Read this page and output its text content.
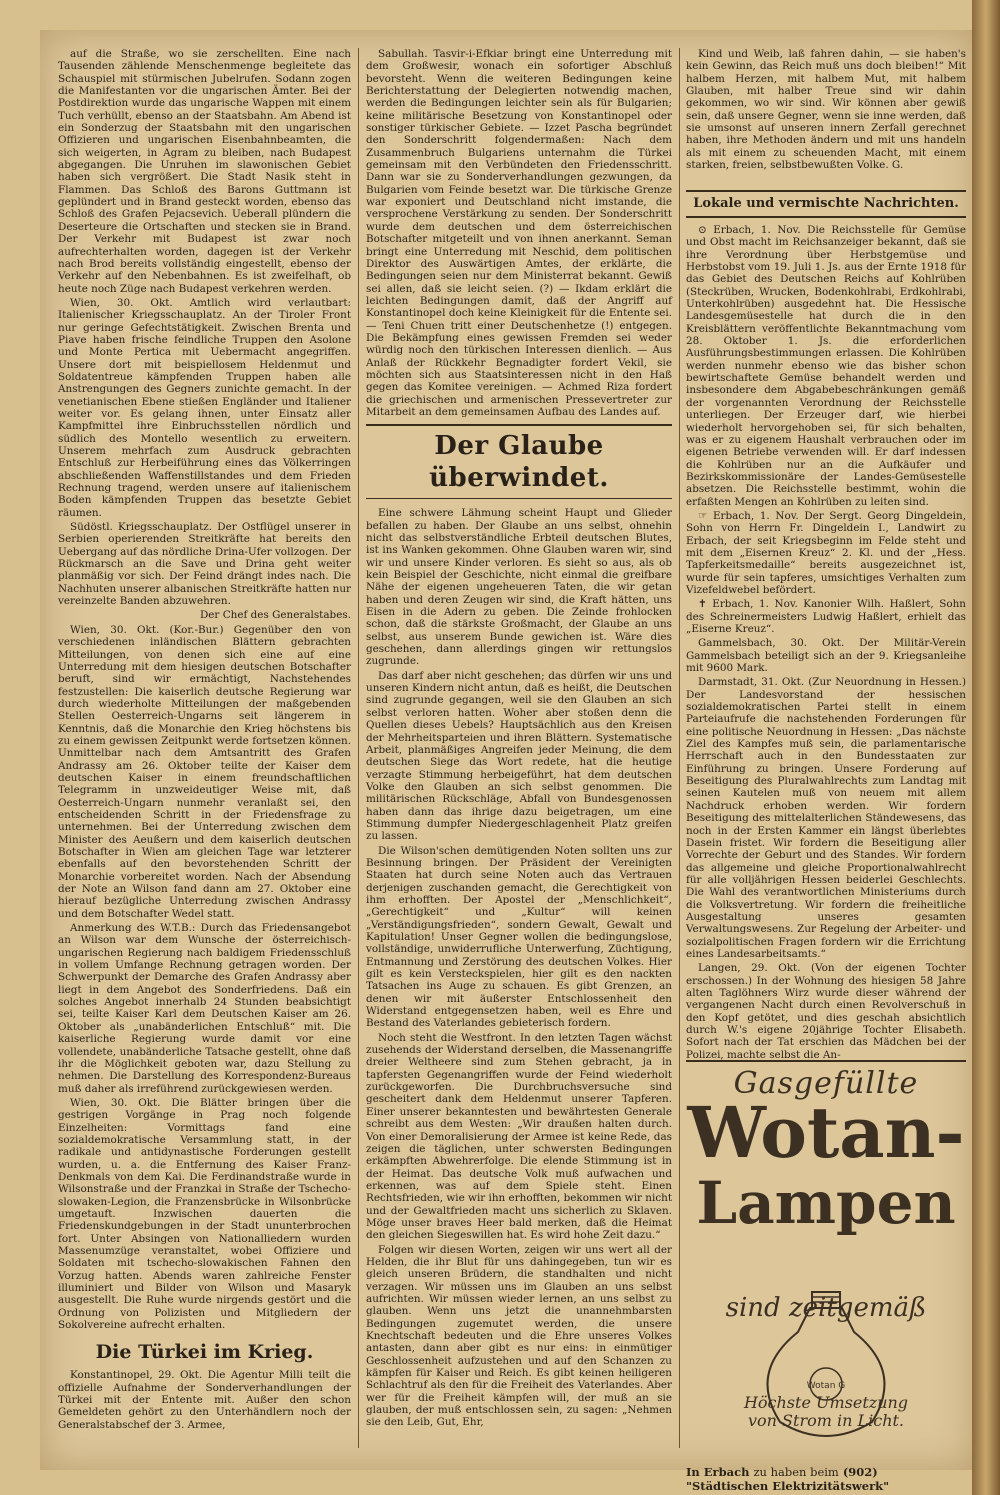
auf die Straße, wo sie zerschellten. Eine nach Tausenden zählende Menschenmenge begleitete das Schauspiel mit stürmischen Jubelrufen. Sodann zogen die Manifestanten vor die ungarischen Ämter. Bei der Postdirektion wurde das ungarische Wappen mit einem Tuch verhüllt, ebenso an der Staatsbahn. Am Abend ist ein Sonderzug der Staatsbahn mit den ungarischen Offizieren und ungarischen Eisenbahnbeamten, die sich weigerten, in Agram zu bleiben, nach Budapest abgegangen. Die Unruhen im slawonischen Gebiet haben sich vergrößert. Die Stadt Nasik steht in Flammen. Das Schloß des Barons Guttmann ist geplündert und in Brand gesteckt worden, ebenso das Schloß des Grafen Pejacsevich. Ueberall plündern die Deserteure die Ortschaften und stecken sie in Brand. Der Verkehr mit Budapest ist zwar noch aufrechterhalten worden, dagegen ist der Verkehr nach Brod bereits vollständig eingestellt, ebenso der Verkehr auf den Nebenbahnen. Es ist zweifelhaft, ob heute noch Züge nach Budapest verkehren werden.

Wien, 30. Okt. Amtlich wird verlautbart: Italienischer Kriegsschauplatz. An der Tiroler Front nur geringe Gefechtstätigkeit. Zwischen Brenta und Piave haben frische feindliche Truppen den Asolone und Monte Pertica mit Uebermacht angegriffen. Unsere dort mit beispiellosem Heldenmut und Soldatentreue kämpfenden Truppen haben alle Anstrengungen des Gegners zunichte gemacht. In der venetianischen Ebene stießen Engländer und Italiener weiter vor. Es gelang ihnen, unter Einsatz aller Kampfmittel ihre Einbruchsstellen nördlich und südlich des Montello wesentlich zu erweitern. Unserem mehrfach zum Ausdruck gebrachten Entschluß zur Herbeiführung eines das Völkerringen abschließenden Waffenstillstandes und dem Frieden Rechnung tragend, werden unsere auf italienischem Boden kämpfenden Truppen das besetzte Gebiet räumen.

Südöstl. Kriegsschauplatz. Der Ostflügel unserer in Serbien operierenden Streitkräfte hat bereits den Uebergang auf das nördliche Drina-Ufer vollzogen. Der Rückmarsch an die Save und Drina geht weiter planmäßig vor sich. Der Feind drängt indes nach. Die Nachhuten unserer albanischen Streitkräfte hatten nur vereinzelte Banden abzuwehren.

Der Chef des Generalstabes.

Wien, 30. Okt. (Kor.-Bur.) Gegenüber den von verschiedenen inländischen Blättern gebrachten Mitteilungen, von denen sich eine auf eine Unterredung mit dem hiesigen deutschen Botschafter beruft, sind wir ermächtigt, Nachstehendes festzustellen: Die kaiserlich deutsche Regierung war durch wiederholte Mitteilungen der maßgebenden Stellen Oesterreich-Ungarns seit längerem in Kenntnis, daß die Monarchie den Krieg höchstens bis zu einem gewissen Zeitpunkt werde fortsetzen können. Unmittelbar nach dem Amtsantritt des Grafen Andrassy am 26. Oktober teilte der Kaiser dem deutschen Kaiser in einem freundschaftlichen Telegramm in unzweideutiger Weise mit, daß Oesterreich-Ungarn nunmehr veranlaßt sei, den entscheidenden Schritt in der Friedensfrage zu unternehmen. Bei der Unterredung zwischen dem Minister des Aeußern und dem kaiserlich deutschen Botschafter in Wien am gleichen Tage war letzterer ebenfalls auf den bevorstehenden Schritt der Monarchie vorbereitet worden. Nach der Absendung der Note an Wilson fand dann am 27. Oktober eine hierauf bezügliche Unterredung zwischen Andrassy und dem Botschafter Wedel statt.

Anmerkung des W.T.B.: Durch das Friedensangebot an Wilson war dem Wunsche der österreichisch-ungarischen Regierung nach baldigem Friedensschluß in vollem Umfange Rechnung getragen worden. Der Schwerpunkt der Demarche des Grafen Andrassy aber liegt in dem Angebot des Sonderfriedens. Daß ein solches Angebot innerhalb 24 Stunden beabsichtigt sei, teilte Kaiser Karl dem Deutschen Kaiser am 26. Oktober als „unabänderlichen Entschluß“ mit. Die kaiserliche Regierung wurde damit vor eine vollendete, unabänderliche Tatsache gestellt, ohne daß ihr die Möglichkeit geboten war, dazu Stellung zu nehmen. Die Darstellung des Korrespondenz-Bureaus muß daher als irreführend zurückgewiesen werden.

Wien, 30. Okt. Die Blätter bringen über die gestrigen Vorgänge in Prag noch folgende Einzelheiten: Vormittags fand eine sozialdemokratische Versammlung statt, in der radikale und antidynastische Forderungen gestellt wurden, u. a. die Entfernung des Kaiser Franz-Denkmals von dem Kai. Die Ferdinandstraße wurde in Wilsonstraße und der Franzkai in Straße der Tschecho-slowaken-Legion, die Franzensbrücke in Wilsonbrücke umgetauft. Inzwischen dauerten die Friedenskundgebungen in der Stadt ununterbrochen fort. Unter Absingen von Nationalliedern wurden Massenumzüge veranstaltet, wobei Offiziere und Soldaten mit tschecho-slowakischen Fahnen den Vorzug hatten. Abends waren zahlreiche Fenster illuminiert und Bilder von Wilson und Masaryk ausgestellt. Die Ruhe wurde nirgends gestört und die Ordnung von Polizisten und Mitgliedern der Sokolvereine aufrecht erhalten.

Die Türkei im Krieg.

Konstantinopel, 29. Okt. Die Agentur Milli teilt die offizielle Aufnahme der Sonderverhandlungen der Türkei mit der Entente mit. Außer den schon Gemeldeten gehört zu den Unterhändlern noch der Generalstabschef der 3. Armee,

Sabullah. Tasvir-i-Efkiar bringt eine Unterredung mit dem Großwesir, wonach ein sofortiger Abschluß bevorsteht. Wenn die weiteren Bedingungen keine Berichterstattung der Delegierten notwendig machen, werden die Bedingungen leichter sein als für Bulgarien; keine militärische Besetzung von Konstantinopel oder sonstiger türkischer Gebiete. — Izzet Pascha begründet den Sonderschritt folgendermaßen: Nach dem Zusammenbruch Bulgariens unternahm die Türkei gemeinsam mit den Verbündeten den Friedensschritt. Dann war sie zu Sonderverhandlungen gezwungen, da Bulgarien vom Feinde besetzt war. Die türkische Grenze war exponiert und Deutschland nicht imstande, die versprochene Verstärkung zu senden. Der Sonderschritt wurde dem deutschen und dem österreichischen Botschafter mitgeteilt und von ihnen anerkannt. Seman bringt eine Unterredung mit Neschid, dem politischen Direktor des Auswärtigen Amtes, der erklärte, die Bedingungen seien nur dem Ministerrat bekannt. Gewiß sei allen, daß sie leicht seien. (?) — Ikdam erklärt die leichten Bedingungen damit, daß der Angriff auf Konstantinopel doch keine Kleinigkeit für die Entente sei. — Teni Chuen tritt einer Deutschenhetze (!) entgegen. Die Bekämpfung eines gewissen Fremden sei weder würdig noch den türkischen Interessen dienlich. — Aus Anlaß der Rückkehr Begnadigter fordert Vekil, sie möchten sich aus Staatsinteressen nicht in den Haß gegen das Komitee vereinigen. — Achmed Riza fordert die griechischen und armenischen Pressevertreter zur Mitarbeit an dem gemeinsamen Aufbau des Landes auf.

Der Glaube überwindet.

Eine schwere Lähmung scheint Haupt und Glieder befallen zu haben. Der Glaube an uns selbst, ohnehin nicht das selbstverständliche Erbteil deutschen Blutes, ist ins Wanken gekommen. Ohne Glauben waren wir, sind wir und unsere Kinder verloren. Es sieht so aus, als ob kein Beispiel der Geschichte, nicht einmal die greifbare Nähe der eigenen ungeheueren Taten, die wir getan haben und deren Zeugen wir sind, die Kraft hätten, uns Eisen in die Adern zu geben. Die Zeinde frohlocken schon, daß die stärkste Großmacht, der Glaube an uns selbst, aus unserem Bunde gewichen ist. Wäre dies geschehen, dann allerdings gingen wir rettungslos zugrunde.

Das darf aber nicht geschehen; das dürfen wir uns und unseren Kindern nicht antun, daß es heißt, die Deutschen sind zugrunde gegangen, weil sie den Glauben an sich selbst verloren hatten. Woher aber stoßen denn die Quellen dieses Uebels? Hauptsächlich aus den Kreisen der Mehrheitsparteien und ihren Blättern. Systematische Arbeit, planmäßiges Angreifen jeder Meinung, die dem deutschen Siege das Wort redete, hat die heutige verzagte Stimmung herbeigeführt, hat dem deutschen Volke den Glauben an sich selbst genommen. Die militärischen Rückschläge, Abfall von Bundesgenossen haben dann das ihrige dazu beigetragen, um eine Stimmung dumpfer Niedergeschlagenheit Platz greifen zu lassen.

Die Wilson'schen demütigenden Noten sollten uns zur Besinnung bringen. Der Präsident der Vereinigten Staaten hat durch seine Noten auch das Vertrauen derjenigen zuschanden gemacht, die Gerechtigkeit von ihm erhofften. Der Apostel der „Menschlichkeit“, „Gerechtigkeit“ und „Kultur“ will keinen „Verständigungsfrieden“, sondern Gewalt, Gewalt und Kapitulation! Unser Gegner wollen die bedingungslose, vollständige, unwiderrufliche Unterwerfung, Züchtigung, Entmannung und Zerstörung des deutschen Volkes. Hier gilt es kein Versteckspielen, hier gilt es den nackten Tatsachen ins Auge zu schauen. Es gibt Grenzen, an denen wir mit äußerster Entschlossenheit den Widerstand entgegensetzen haben, weil es Ehre und Bestand des Vaterlandes gebieterisch fordern.

Noch steht die Westfront. In den letzten Tagen wächst zusehends der Widerstand derselben, die Massenangriffe dreier Weltheere sind zum Stehen gebracht, ja in tapfersten Gegenangriffen wurde der Feind wiederholt zurückgeworfen. Die Durchbruchsversuche sind gescheitert dank dem Heldenmut unserer Tapferen. Einer unserer bekanntesten und bewährtesten Generale schreibt aus dem Westen: „Wir draußen halten durch. Von einer Demoralisierung der Armee ist keine Rede, das zeigen die täglichen, unter schwersten Bedingungen erkämpften Abwehrerfolge. Die elende Stimmung ist in der Heimat. Das deutsche Volk muß aufwachen und erkennen, was auf dem Spiele steht. Einen Rechtsfrieden, wie wir ihn erhofften, bekommen wir nicht und der Gewaltfrieden macht uns sicherlich zu Sklaven. Möge unser braves Heer bald merken, daß die Heimat den gleichen Siegeswillen hat. Es wird hohe Zeit dazu.“

Folgen wir diesen Worten, zeigen wir uns wert all der Helden, die ihr Blut für uns dahingegeben, tun wir es gleich unseren Brüdern, die standhalten und nicht verzagen. Wir müssen uns im Glauben an uns selbst aufrichten. Wir müssen wieder lernen, an uns selbst zu glauben. Wenn uns jetzt die unannehmbarsten Bedingungen zugemutet werden, die unsere Knechtschaft bedeuten und die Ehre unseres Volkes antasten, dann aber gibt es nur eins: in einmütiger Geschlossenheit aufzustehen und auf den Schanzen zu kämpfen für Kaiser und Reich. Es gibt keinen heiligeren Schlachtruf als den für die Freiheit des Vaterlandes. Aber wer für die Freiheit kämpfen will, der muß an sie glauben, der muß entschlossen sein, zu sagen: „Nehmen sie den Leib, Gut, Ehr,

Kind und Weib, laß fahren dahin, — sie haben's kein Gewinn, das Reich muß uns doch bleiben!“ Mit halbem Herzen, mit halbem Mut, mit halbem Glauben, mit halber Treue sind wir dahin gekommen, wo wir sind. Wir können aber gewiß sein, daß unsere Gegner, wenn sie inne werden, daß sie umsonst auf unseren innern Zerfall gerechnet haben, ihre Methoden ändern und mit uns handeln als mit einem zu scheuenden Macht, mit einem starken, freien, selbstbewußten Volke. G.

Lokale und vermischte Nachrichten.

⊙ Erbach, 1. Nov. Die Reichsstelle für Gemüse und Obst macht im Reichsanzeiger bekannt, daß sie ihre Verordnung über Herbstgemüse und Herbstobst vom 19. Juli 1. Js. aus der Ernte 1918 für das Gebiet des Deutschen Reichs auf Kohlrüben (Steckrüben, Wrucken, Bodenkohlrabi, Erdkohlrabi, Unterkohlrüben) ausgedehnt hat. Die Hessische Landesgemüsestelle hat durch die in den Kreisblättern veröffentlichte Bekanntmachung vom 28. Oktober 1. Js. die erforderlichen Ausführungsbestimmungen erlassen. Die Kohlrüben werden nunmehr ebenso wie das bisher schon bewirtschaftete Gemüse behandelt werden und insbesondere dem Abgabebeschränkungen gemäß der vorgenannten Verordnung der Reichsstelle unterliegen. Der Erzeuger darf, wie hierbei wiederholt hervorgehoben sei, für sich behalten, was er zu eigenem Haushalt verbrauchen oder im eigenen Betriebe verwenden will. Er darf indessen die Kohlrüben nur an die Aufkäufer und Bezirkskommissionäre der Landes-Gemüsestelle absetzen. Die Reichsstelle bestimmt, wohin die erfaßten Mengen an Kohlrüben zu leiten sind.

☞ Erbach, 1. Nov. Der Sergt. Georg Dingeldein, Sohn von Herrn Fr. Dingeldein I., Landwirt zu Erbach, der seit Kriegsbeginn im Felde steht und mit dem „Eisernen Kreuz“ 2. Kl. und der „Hess. Tapferkeitsmedaille“ bereits ausgezeichnet ist, wurde für sein tapferes, umsichtiges Verhalten zum Vizefeldwebel befördert.

✝ Erbach, 1. Nov. Kanonier Wilh. Haßlert, Sohn des Schreinermeisters Ludwig Haßlert, erhielt das „Eiserne Kreuz“.

Gammelsbach, 30. Okt. Der Militär-Verein Gammelsbach beteiligt sich an der 9. Kriegsanleihe mit 9600 Mark.

Darmstadt, 31. Okt. (Zur Neuordnung in Hessen.) Der Landesvorstand der hessischen sozialdemokratischen Partei stellt in einem Parteiaufrufe die nachstehenden Forderungen für eine politische Neuordnung in Hessen: „Das nächste Ziel des Kampfes muß sein, die parlamentarische Herrschaft auch in den Bundesstaaten zur Einführung zu bringen. Unsere Forderung auf Beseitigung des Pluralwahlrechts zum Landtag mit seinen Kautelen muß von neuem mit allem Nachdruck erhoben werden. Wir fordern Beseitigung des mittelalterlichen Ständewesens, das noch in der Ersten Kammer ein längst überlebtes Dasein fristet. Wir fordern die Beseitigung aller Vorrechte der Geburt und des Standes. Wir fordern das allgemeine und gleiche Proportionalwahlrecht für alle volljährigen Hessen beiderlei Geschlechts. Die Wahl des verantwortlichen Ministeriums durch die Volksvertretung. Wir fordern die freiheitliche Ausgestaltung unseres gesamten Verwaltungswesens. Zur Regelung der Arbeiter- und sozialpolitischen Fragen fordern wir die Errichtung eines Landesarbeitsamts.“

Langen, 29. Okt. (Von der eigenen Tochter erschossen.) In der Wohnung des hiesigen 58 Jahre alten Taglöhners Wirz wurde dieser während der vergangenen Nacht durch einen Revolverschuß in den Kopf getötet, und dies geschah absichtlich durch W.'s eigene 20jährige Tochter Elisabeth. Sofort nach der Tat erschien das Mädchen bei der Polizei, machte selbst die An-

Gasgefüllte
Wotan-
Lampen
Wotan G
sind zeitgemäß
Höchste Umsetzung
von Strom in Licht.
In Erbach zu haben beim (902)
"Städtischen Elektrizitätswerk"
